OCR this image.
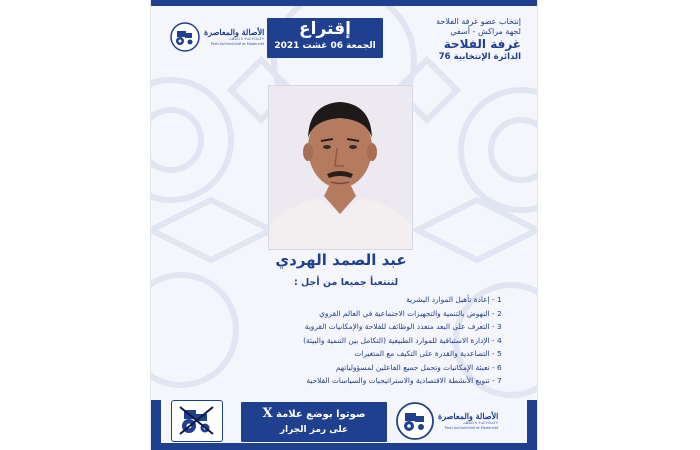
الأصالة والمعاصرة
ⴰⵥⵓⵔ ⴷ ⵜⴰⵎⵜⵔⴰⵢⵜ
Parti Authenticité et Modernité
إقتراع
الجمعة 06 غشت 2021
إنتخاب عضو غرفة الفلاحة
لجهة مراكش - أسفي
غرفة الفلاحة
الدائرة الإنتخابية 76
عبد الصمد الهردي
لننتعبأ جميعا من أجل :
1 - إعادة تأهيل الموارد البشرية
2 - النهوض بالتنمية والتجهيزات الاجتماعية في العالم القروي
3 - التعرف على البعد متعدد الوظائف للفلاحة والإمكانيات القروية
4 - الإدارة الاستباقية للموارد الطبيعية (التكامل بين التنمية والبيئة)
5 - التصاعدية والقدرة على التكيف مع المتغيرات
6 - تعبئة الإمكانيات وتحمل جميع الفاعلين لمسؤولياتهم
7 - تنويع الأنشطة الاقتصادية والاستراتيجيات والسياسات الفلاحية
صوتوا بوضع علامة X
على رمز الجرار
الأصالة والمعاصرة
ⴰⵥⵓⵔ ⴷ ⵜⴰⵎⵜⵔⴰⵢⵜ
Parti Authenticité et Modernité
